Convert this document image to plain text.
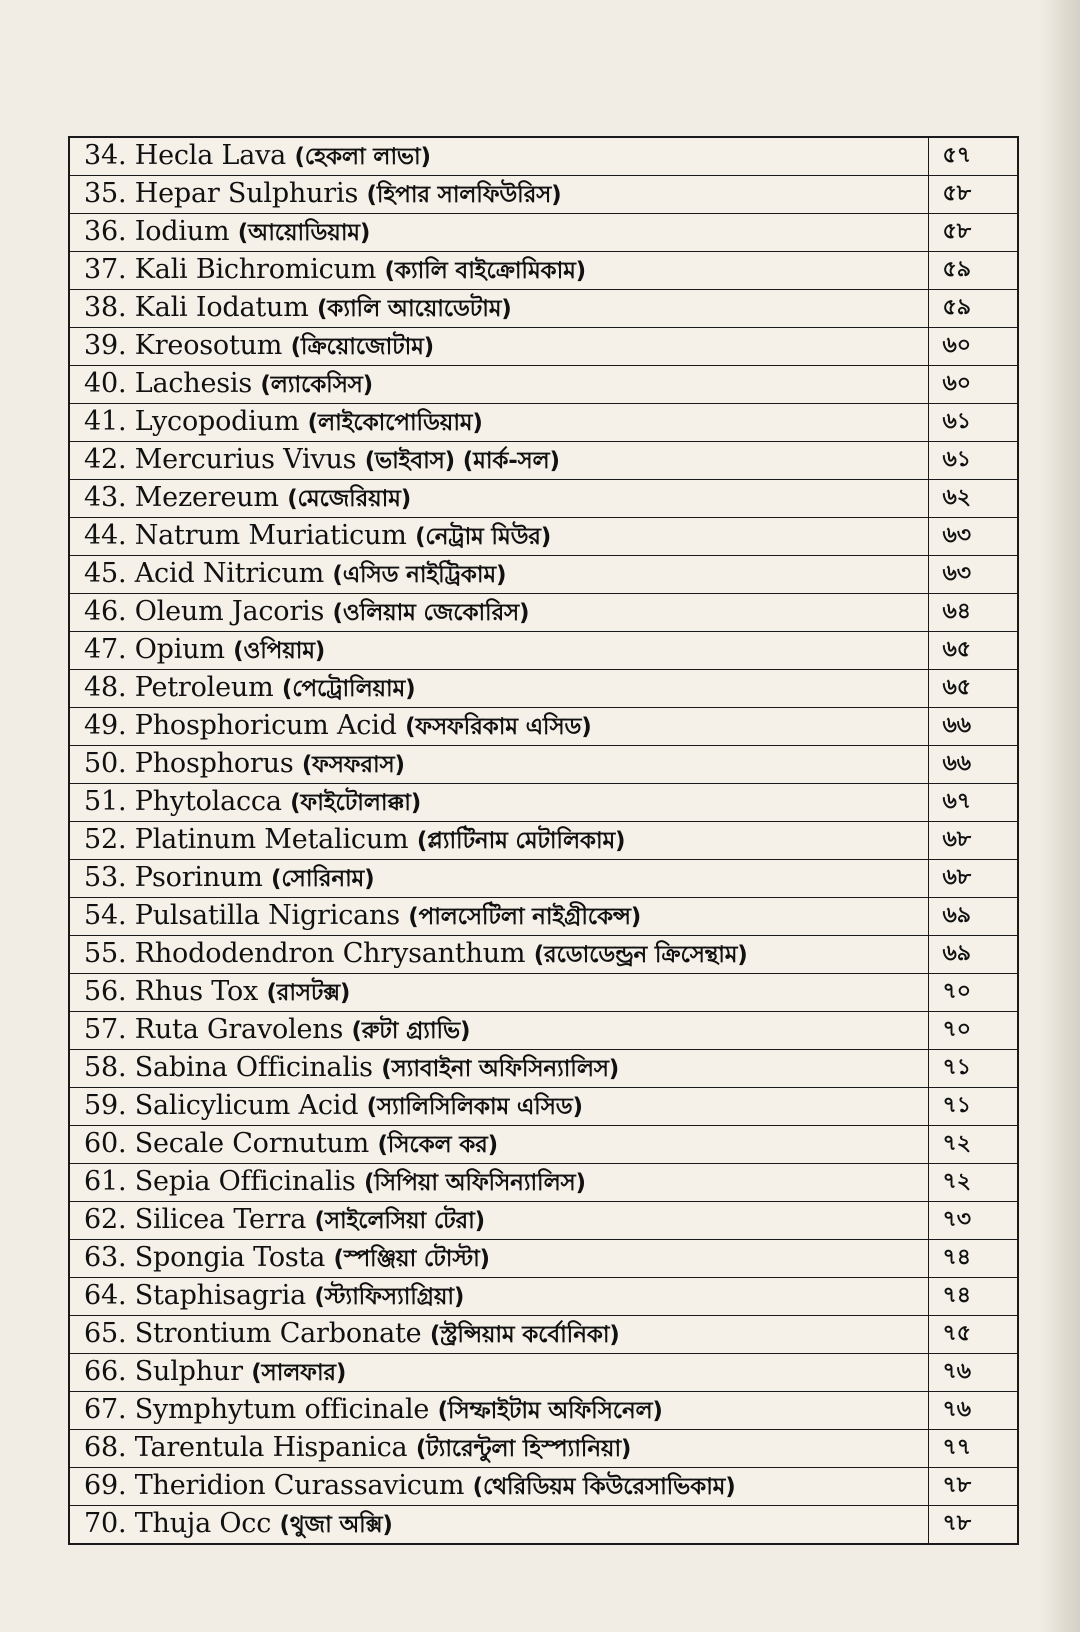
34. Hecla Lava (হেকলা লাভা)	৫৭
35. Hepar Sulphuris (হিপার সালফিউরিস)	৫৮
36. Iodium (আয়োডিয়াম)	৫৮
37. Kali Bichromicum (ক্যালি বাইক্রোমিকাম)	৫৯
38. Kali Iodatum (ক্যালি আয়োডেটাম)	৫৯
39. Kreosotum (ক্রিয়োজোটাম)	৬০
40. Lachesis (ল্যাকেসিস)	৬০
41. Lycopodium (লাইকোপোডিয়াম)	৬১
42. Mercurius Vivus (ভাইবাস) (মার্ক-সল)	৬১
43. Mezereum (মেজেরিয়াম)	৬২
44. Natrum Muriaticum (নেট্রাম মিউর)	৬৩
45. Acid Nitricum (এসিড নাইট্রিকাম)	৬৩
46. Oleum Jacoris (ওলিয়াম জেকোরিস)	৬৪
47. Opium (ওপিয়াম)	৬৫
48. Petroleum (পেট্রোলিয়াম)	৬৫
49. Phosphoricum Acid (ফসফরিকাম এসিড)	৬৬
50. Phosphorus (ফসফরাস)	৬৬
51. Phytolacca (ফাইটোলাক্কা)	৬৭
52. Platinum Metalicum (প্ল্যাটিনাম মেটালিকাম)	৬৮
53. Psorinum (সোরিনাম)	৬৮
54. Pulsatilla Nigricans (পালসেটিলা নাইগ্রীকেন্স)	৬৯
55. Rhododendron Chrysanthum (রডোডেন্ড্রন ক্রিসেন্থাম)	৬৯
56. Rhus Tox (রাসটক্স)	৭০
57. Ruta Gravolens (রুটা গ্র্যাভি)	৭০
58. Sabina Officinalis (স্যাবাইনা অফিসিন্যালিস)	৭১
59. Salicylicum Acid (স্যালিসিলিকাম এসিড)	৭১
60. Secale Cornutum (সিকেল কর)	৭২
61. Sepia Officinalis (সিপিয়া অফিসিন্যালিস)	৭২
62. Silicea Terra (সাইলেসিয়া টেরা)	৭৩
63. Spongia Tosta (স্পঞ্জিয়া টোস্টা)	৭৪
64. Staphisagria (স্ট্যাফিস্যাগ্রিয়া)	৭৪
65. Strontium Carbonate (স্ট্রন্সিয়াম কর্বোনিকা)	৭৫
66. Sulphur (সালফার)	৭৬
67. Symphytum officinale (সিম্ফাইটাম অফিসিনেল)	৭৬
68. Tarentula Hispanica (ট্যারেন্টুলা হিস্প্যানিয়া)	৭৭
69. Theridion Curassavicum (থেরিডিয়ম কিউরেসাভিকাম)	৭৮
70. Thuja Occ (থুজা অক্সি)	৭৮
